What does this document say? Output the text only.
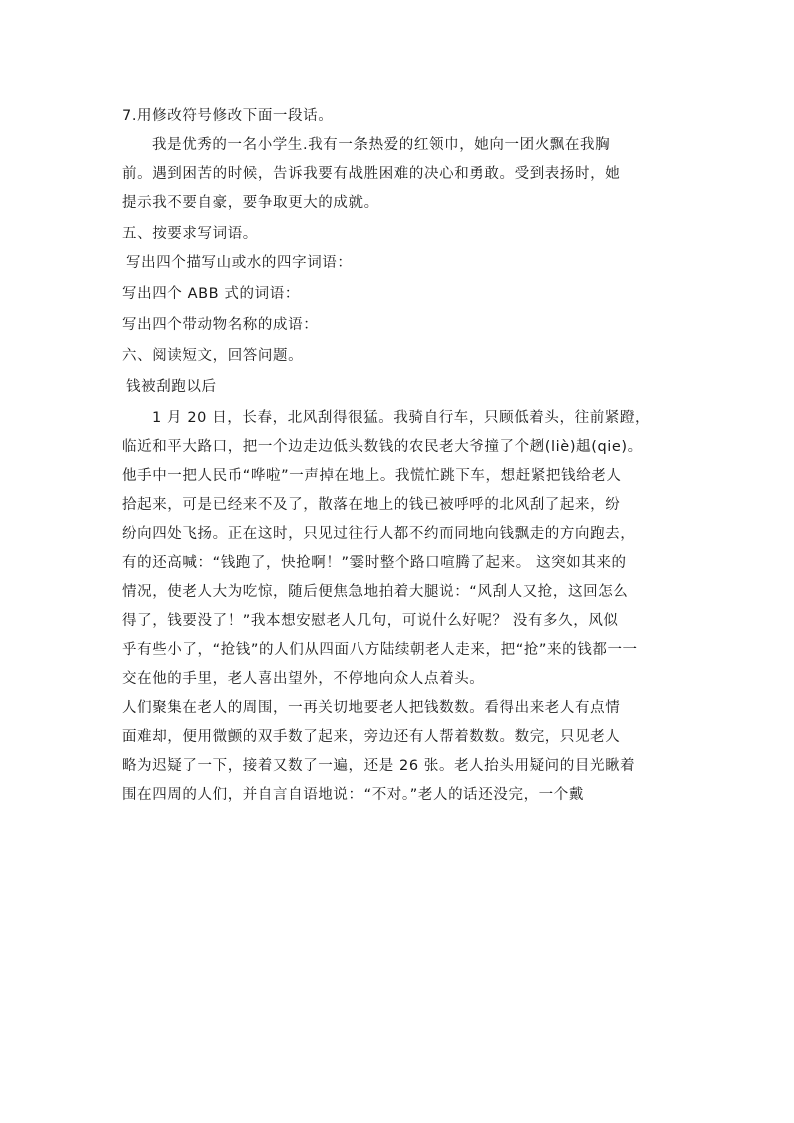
7.用修改符号修改下面一段话。
我是优秀的一名小学生.我有一条热爱的红领巾，她向一团火飘在我胸
前。遇到困苦的时候，告诉我要有战胜困难的决心和勇敢。受到表扬时，她
提示我不要自豪，要争取更大的成就。
五、按要求写词语。
写出四个描写山或水的四字词语：
写出四个 ABB 式的词语：
写出四个带动物名称的成语：
六、阅读短文，回答问题。
钱被刮跑以后
1 月 20 日，长春，北风刮得很猛。我骑自行车，只顾低着头，往前紧蹬，
临近和平大路口，把一个边走边低头数钱的农民老大爷撞了个趔(liè)趄(qie)。
他手中一把人民币“哗啦”一声掉在地上。我慌忙跳下车，想赶紧把钱给老人
拾起来，可是已经来不及了，散落在地上的钱已被呼呼的北风刮了起来，纷
纷向四处飞扬。正在这时，只见过往行人都不约而同地向钱飘走的方向跑去，
有的还高喊：“钱跑了，快抢啊！”霎时整个路口喧腾了起来。 这突如其来的
情况，使老人大为吃惊，随后便焦急地拍着大腿说：“风刮人又抢，这回怎么
得了，钱要没了！”我本想安慰老人几句，可说什么好呢？ 没有多久，风似
乎有些小了，“抢钱”的人们从四面八方陆续朝老人走来，把“抢”来的钱都一一
交在他的手里，老人喜出望外，不停地向众人点着头。
人们聚集在老人的周围，一再关切地要老人把钱数数。看得出来老人有点情
面难却，便用微颤的双手数了起来，旁边还有人帮着数数。数完，只见老人
略为迟疑了一下，接着又数了一遍，还是 26 张。老人抬头用疑问的目光瞅着
围在四周的人们，并自言自语地说：“不对。”老人的话还没完，一个戴
